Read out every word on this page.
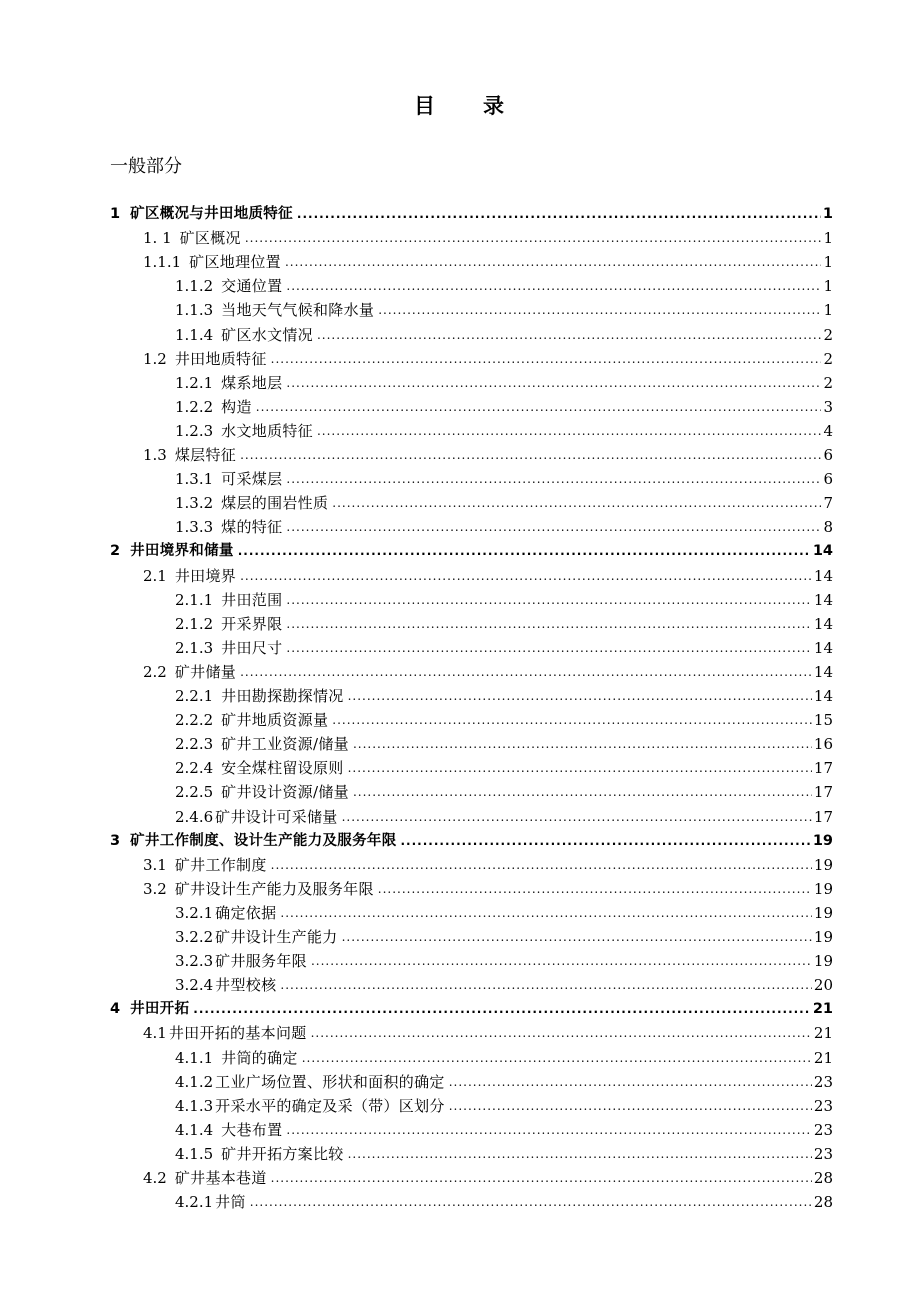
目　　录
一般部分
1 矿区概况与井田地质特征 .....	1
1. 1 矿区概况 .....	1
1.1.1 矿区地理位置 .....	1
1.1.2 交通位置 .....	1
1.1.3 当地天气气候和降水量 .....	1
1.1.4 矿区水文情况 .....	2
1.2 井田地质特征 .....	2
1.2.1 煤系地层 .....	2
1.2.2 构造 .....	3
1.2.3 水文地质特征 .....	4
1.3 煤层特征 .....	6
1.3.1 可采煤层 .....	6
1.3.2 煤层的围岩性质 .....	7
1.3.3 煤的特征 .....	8
2 井田境界和储量 .....	14
2.1 井田境界 .....	14
2.1.1 井田范围 .....	14
2.1.2 开采界限 .....	14
2.1.3 井田尺寸 .....	14
2.2 矿井储量 .....	14
2.2.1 井田勘探勘探情况 .....	14
2.2.2 矿井地质资源量 .....	15
2.2.3 矿井工业资源/储量 .....	16
2.2.4 安全煤柱留设原则 .....	17
2.2.5 矿井设计资源/储量 .....	17
2.4.6 矿井设计可采储量 .....	17
3 矿井工作制度、设计生产能力及服务年限 .....	19
3.1 矿井工作制度 .....	19
3.2 矿井设计生产能力及服务年限 .....	19
3.2.1 确定依据 .....	19
3.2.2 矿井设计生产能力 .....	19
3.2.3 矿井服务年限 .....	19
3.2.4 井型校核 .....	20
4 井田开拓 .....	21
4.1 井田开拓的基本问题 .....	21
4.1.1 井筒的确定 .....	21
4.1.2 工业广场位置、形状和面积的确定 .....	23
4.1.3 开采水平的确定及采（带）区划分 .....	23
4.1.4 大巷布置 .....	23
4.1.5 矿井开拓方案比较 .....	23
4.2 矿井基本巷道 .....	28
4.2.1 井筒 .....	28
